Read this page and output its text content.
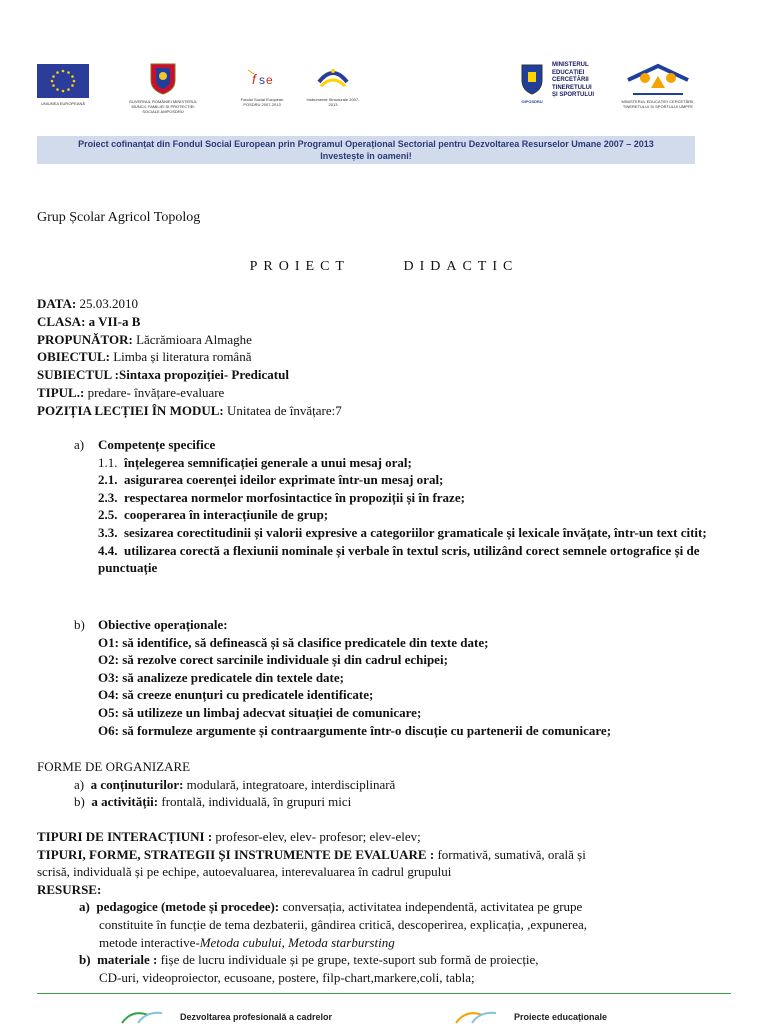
UNIUNEA EUROPEANĂ	GUVERNUL ROMÂNIEI MINISTERUL MUNCII, FAMILIEI ȘI PROTECȚIEI SOCIALE AMPOSDRU
f s e
Fondul Social European POSDRU 2007-2013
Instrumente Structurale 2007-2013
OIPOSDRU
MINISTERUL
EDUCAȚIEI
CERCETĂRII
TINERETULUI
ȘI SPORTULUI
MINISTERUL EDUCAȚIEI CERCETĂRII, TINERETULUI ȘI SPORTULUI UMPFE
Proiect cofinanțat din Fondul Social European prin Programul Operațional Sectorial pentru Dezvoltarea Resurselor Umane 2007 – 2013
Investește în oameni!
Grup Școlar Agricol Topolog
PROIECT	DIDACTIC
DATA: 25.03.2010
CLASA: a VII-a B
PROPUNĂTOR: Lăcrămioara Almaghe
OBIECTUL: Limba și literatura română
SUBIECTUL :Sintaxa propoziției- Predicatul
TIPUL.: predare- învățare-evaluare
POZIȚIA LECȚIEI ÎN MODUL: Unitatea de învățare:7
a) Competențe specifice
1.1. înțelegerea semnificației generale a unui mesaj oral;
2.1. asigurarea coerenței ideilor exprimate într-un mesaj oral;
2.3. respectarea normelor morfosintactice în propoziții și în fraze;
2.5. cooperarea în interacțiunile de grup;
3.3. sesizarea corectitudinii și valorii expresive a categoriilor gramaticale și lexicale învățate, într-un text citit;
4.4. utilizarea corectă a flexiunii nominale și verbale în textul scris, utilizând corect semnele ortografice și de punctuație
b) Obiective operaționale:
O1: să identifice, să definească și să clasifice predicatele din texte date;
O2: să rezolve corect sarcinile individuale și din cadrul echipei;
O3: să analizeze predicatele din textele date;
O4: să creeze enunțuri cu predicatele identificate;
O5: să utilizeze un limbaj adecvat situației de comunicare;
O6: să formuleze argumente și contraargumente într-o discuție cu partenerii de comunicare;
FORME DE ORGANIZARE
a) a conținuturilor: modulară, integratoare, interdisciplinară
b) a activității: frontală, individuală, în grupuri mici
TIPURI DE INTERACȚIUNI : profesor-elev, elev- profesor; elev-elev;
TIPURI, FORME, STRATEGII ȘI INSTRUMENTE DE EVALUARE : formativă, sumativă, orală și
scrisă, individuală și pe echipe, autoevaluarea, interevaluarea în cadrul grupului
RESURSE:
a) pedagogice (metode și procedee): conversația, activitatea independentă, activitatea pe grupe
constituite în funcție de tema dezbaterii, gândirea critică, descoperirea, explicația, ,expunerea,
metode interactive-Metoda cubului, Metoda starbursting
b) materiale : fișe de lucru individuale și pe grupe, texte-suport sub formă de proiecție,
CD-uri, videoproiector, ecusoane, postere, filp-chart,markere,coli, tabla;
Dezvoltarea profesională a cadrelor	Proiecte educaționale
